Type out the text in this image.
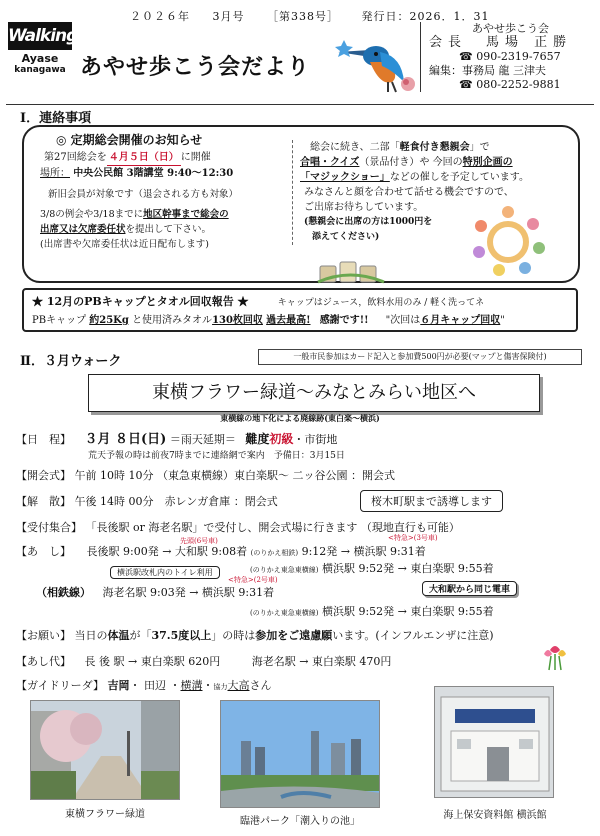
２０２６年 3月号 ［第338号］ 発行日：2026．1．31
Walking
Ayase
kanagawa あやせ歩こう会だより
あやせ歩こう会
会長　馬場 正勝
☎ 090-2319-7657
編集：事務局 龍 三津夫
☎ 080-2252-9881
Ⅰ．連絡事項
◎ 定期総会開催のお知らせ
第27回総会を ４月５日（日） に開催
場所： 中央公民館 3階講堂 9:40～12:30
新旧会員が対象です（退会される方も対象）
3/8の例会や3/18までに地区幹事まで総会の
出席又は欠席委任状を提出して下さい。
(出席書や欠席委任状は近日配布します)
総会に続き、二部「軽食付き懇親会」で
合唱・クイズ（景品付き）や 今回の特別企画の
「マジックショー」などの催しを予定しています。
みなさんと顔を合わせて話せる機会ですので、
ご出席お待ちしています。
(懇親会に出席の方は1000円を
添えてください)
★ 12月のPBキャップとタオル回収報告 ★	キャップはジュース，飲料水用のみ / 軽く洗ってネ
PBキャップ 約25Kg と使用済みタオル130枚回収 過去最高! 感謝です!! "次回は６月キャップ回収"
Ⅱ．３月ウォーク	一般市民参加はカード記入と参加費500円が必要(マップと傷害保険付)
東横フラワー緑道～みなとみらい地区へ
東横線の地下化による廃線跡(東白楽～横浜)
【日　程】 ３月 ８日(日) ＝雨天延期＝ 難度初級・市街地
荒天予報の時は前夜7時までに連絡網で案内　予備日：3月15日
【開会式】 午前 10時 10分 （東急東横線）東白楽駅～ 二ッ谷公園 ：開会式
【解　散】 午後 14時 00分　赤レンガ倉庫 ：閉会式	桜木町駅まで誘導します
【受付集合】 「長後駅 or 海老名駅」で受付し、開会式場に行きます （現地直行も可能）
先頭(6号車)	<特急>(3号車)
【あ　し】 長後駅 9:00発 → 大和駅 9:08着 (のりかえ相鉄) 9:12発 → 横浜駅 9:31着
横浜駅改札内のトイレ利用	(のりかえ東急東横線) 横浜駅 9:52発 → 東白楽駅 9:55着
大和駅から同じ電車
<特急>(2号車)
（相鉄線） 海老名駅 9:03発 → 横浜駅 9:31着
(のりかえ東急東横線) 横浜駅 9:52発 → 東白楽駅 9:55着
【お願い】 当日の体温が「37.5度以上」の時は参加をご遠慮願います。(インフルエンザに注意)
【あし代】 長 後 駅 → 東白楽駅 620円	海老名駅 → 東白楽駅 470円
【ガイドリーダ】 吉岡・ 田辺 ・横溝・協力大高さん
東横フラワー緑道
臨港パーク「潮入りの池」
海上保安資料館 横浜館
